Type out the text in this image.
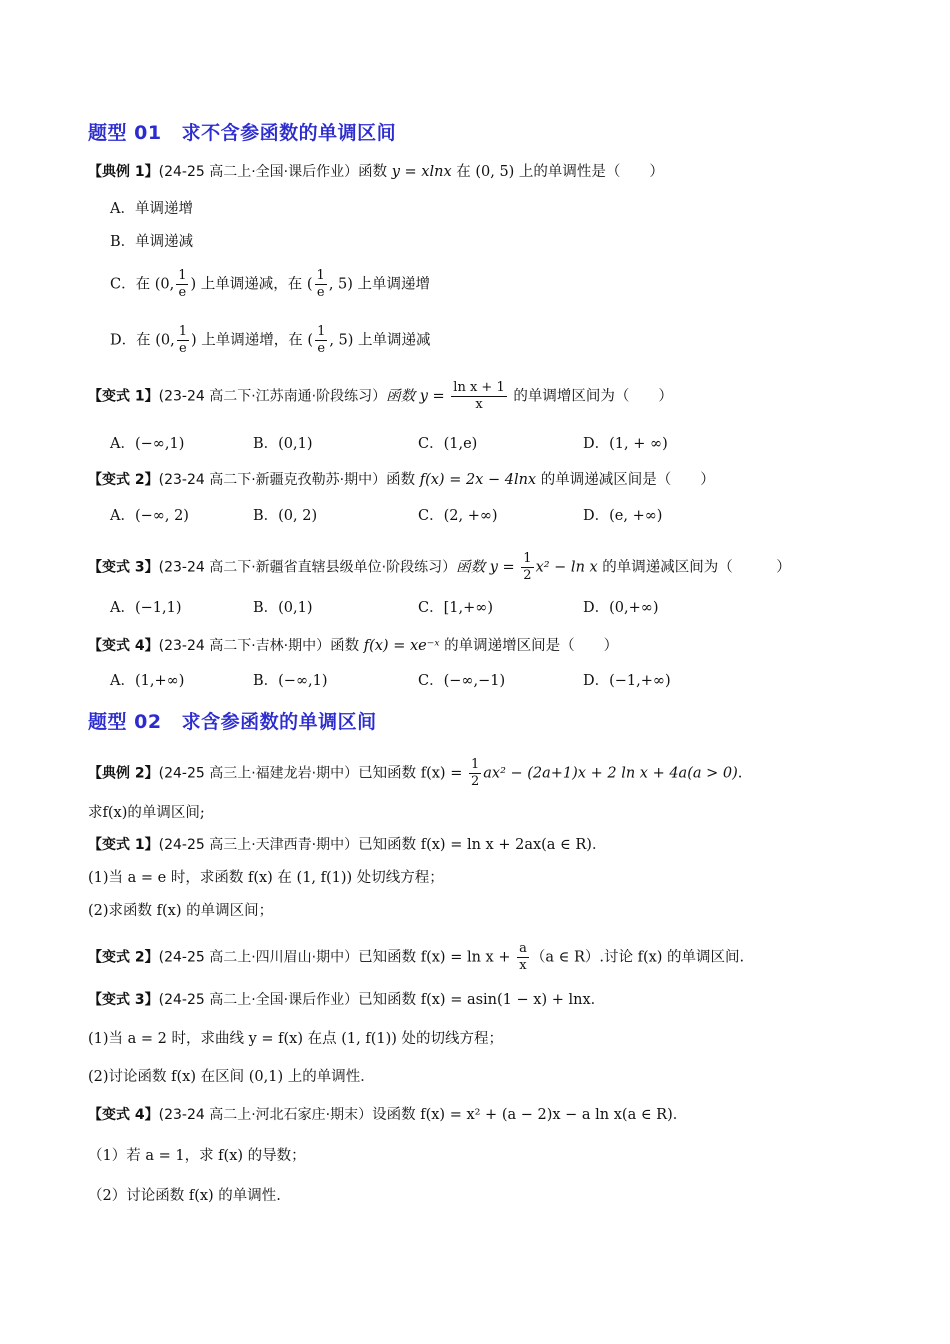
题型 01 求不含参函数的单调区间
【典例 1】(24-25 高二上·全国·课后作业）函数 y = xlnx 在 (0, 5) 上的单调性是（　　）
A．单调递增
B．单调递减
C．在 (0, $\frac{1}{e}$ ) 上单调递减，在 ( $\frac{1}{e}$ , 5) 上单调递增
D．在 (0, $\frac{1}{e}$ ) 上单调递增，在 ( $\frac{1}{e}$ , 5) 上单调递减
【变式 1】(23-24 高二下·江苏南通·阶段练习）函数 $y = \frac{\text{ln x + 1}}{x}$ 的单调增区间为（　　）
A．(−∞,1)	B．(0,1)	C．(1,e)	D．(1, + ∞)
【变式 2】(23-24 高二下·新疆克孜勒苏·期中）函数 f(x) = 2x − 4lnx 的单调递减区间是（　　）
A．(−∞, 2)	B．(0, 2)	C．(2, +∞)	D．(e, +∞)
【变式 3】(23-24 高二下·新疆省直辖县级单位·阶段练习）函数 $y = \frac{1}{2} x^2 - \ln x$ 的单调递减区间为（　　　）
A．(−1,1)	B．(0,1)	C．[1,+∞)	D．(0,+∞)
【变式 4】(23-24 高二下·吉林·期中）函数 f(x) = xe⁻ˣ 的单调递增区间是（　　）
A．(1,+∞)	B．(−∞,1)	C．(−∞,−1)	D．(−1,+∞)
题型 02 求含参函数的单调区间
【典例 2】(24-25 高三上·福建龙岩·期中）已知函数 $f(x) = \frac{1}{2} ax^2 - (2a+1)x + 2$ ln x + 4a(a > 0).
求f(x)的单调区间;
【变式 1】(24-25 高三上·天津西青·期中）已知函数 f(x) = ln x + 2ax(a ∈ R)．
(1)当 a = e 时，求函数 f(x) 在 (1, f(1)) 处切线方程；
(2)求函数 f(x) 的单调区间；
【变式 2】(24-25 高二上·四川眉山·期中）已知函数 $f(x) = \ln x + \frac{a}{x} (a$ ∈ R）.讨论 f(x) 的单调区间.
【变式 3】(24-25 高二上·全国·课后作业）已知函数 f(x) = asin(1 − x) + lnx．
(1)当 a = 2 时，求曲线 y = f(x) 在点 (1, f(1)) 处的切线方程；
(2)讨论函数 f(x) 在区间 (0,1) 上的单调性．
【变式 4】(23-24 高二上·河北石家庄·期末）设函数 f(x) = x² + (a − 2)x − a ln x(a ∈ R)．
（1）若 a = 1，求 f(x) 的导数；
（2）讨论函数 f(x) 的单调性.
